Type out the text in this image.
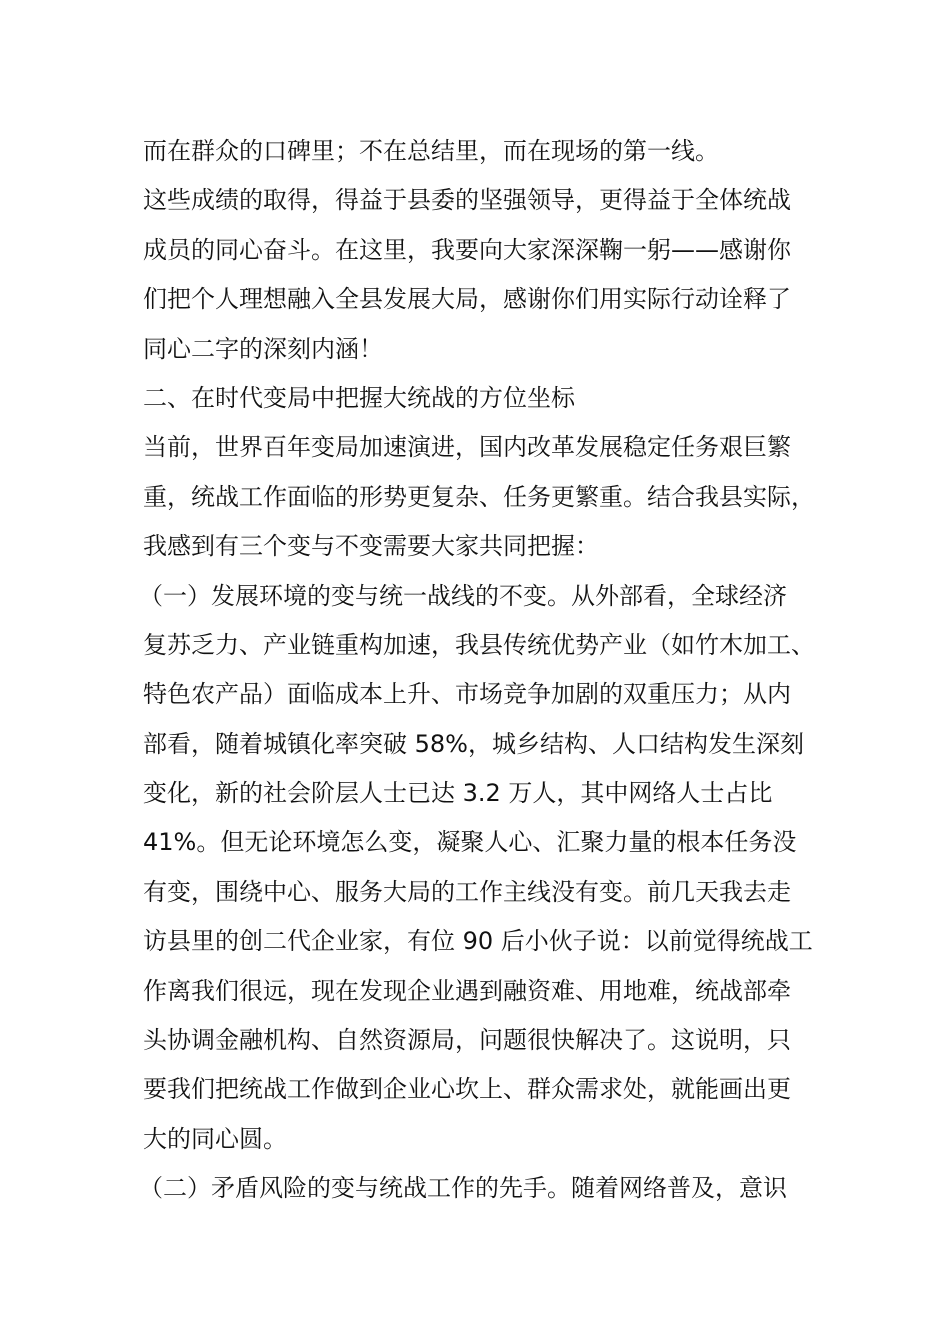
而在群众的口碑里；不在总结里，而在现场的第一线。
这些成绩的取得，得益于县委的坚强领导，更得益于全体统战
成员的同心奋斗。在这里，我要向大家深深鞠一躬——感谢你
们把个人理想融入全县发展大局，感谢你们用实际行动诠释了
同心二字的深刻内涵！
二、在时代变局中把握大统战的方位坐标
当前，世界百年变局加速演进，国内改革发展稳定任务艰巨繁
重，统战工作面临的形势更复杂、任务更繁重。结合我县实际，
我感到有三个变与不变需要大家共同把握：
（一）发展环境的变与统一战线的不变。从外部看，全球经济
复苏乏力、产业链重构加速，我县传统优势产业（如竹木加工、
特色农产品）面临成本上升、市场竞争加剧的双重压力；从内
部看，随着城镇化率突破 58%，城乡结构、人口结构发生深刻
变化，新的社会阶层人士已达 3.2 万人，其中网络人士占比
41%。但无论环境怎么变，凝聚人心、汇聚力量的根本任务没
有变，围绕中心、服务大局的工作主线没有变。前几天我去走
访县里的创二代企业家，有位 90 后小伙子说：以前觉得统战工
作离我们很远，现在发现企业遇到融资难、用地难，统战部牵
头协调金融机构、自然资源局，问题很快解决了。这说明，只
要我们把统战工作做到企业心坎上、群众需求处，就能画出更
大的同心圆。
（二）矛盾风险的变与统战工作的先手。随着网络普及，意识
